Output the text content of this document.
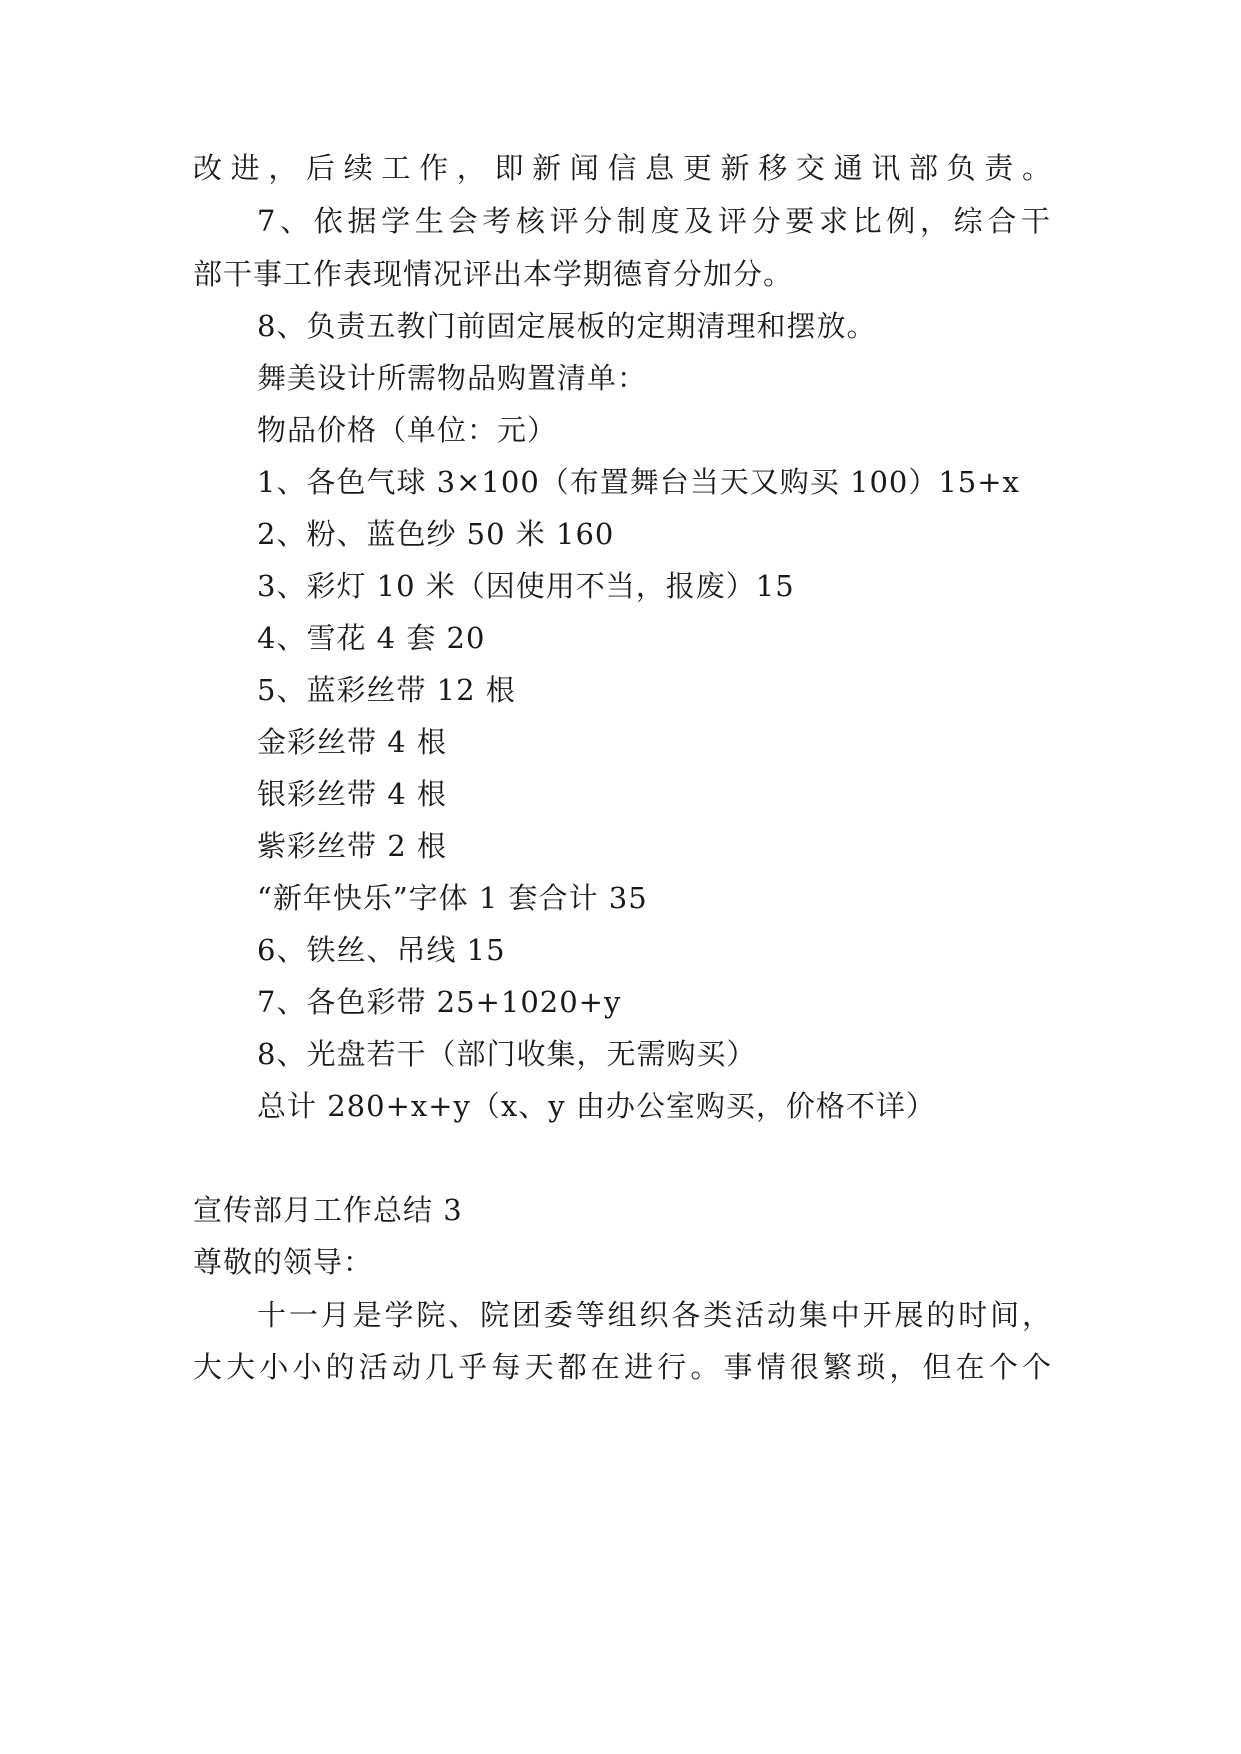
改进，后续工作，即新闻信息更新移交通讯部负责。
7、依据学生会考核评分制度及评分要求比例，综合干
部干事工作表现情况评出本学期德育分加分。
8、负责五教门前固定展板的定期清理和摆放。
舞美设计所需物品购置清单：
物品价格（单位：元）
1、各色气球 3×100（布置舞台当天又购买 100）15+x
2、粉、蓝色纱 50 米 160
3、彩灯 10 米（因使用不当，报废）15
4、雪花 4 套 20
5、蓝彩丝带 12 根
金彩丝带 4 根
银彩丝带 4 根
紫彩丝带 2 根
“新年快乐”字体 1 套合计 35
6、铁丝、吊线 15
7、各色彩带 25+1020+y
8、光盘若干（部门收集，无需购买）
总计 280+x+y（x、y 由办公室购买，价格不详）
宣传部月工作总结 3
尊敬的领导：
十一月是学院、院团委等组织各类活动集中开展的时间，
大大小小的活动几乎每天都在进行。事情很繁琐，但在个个
